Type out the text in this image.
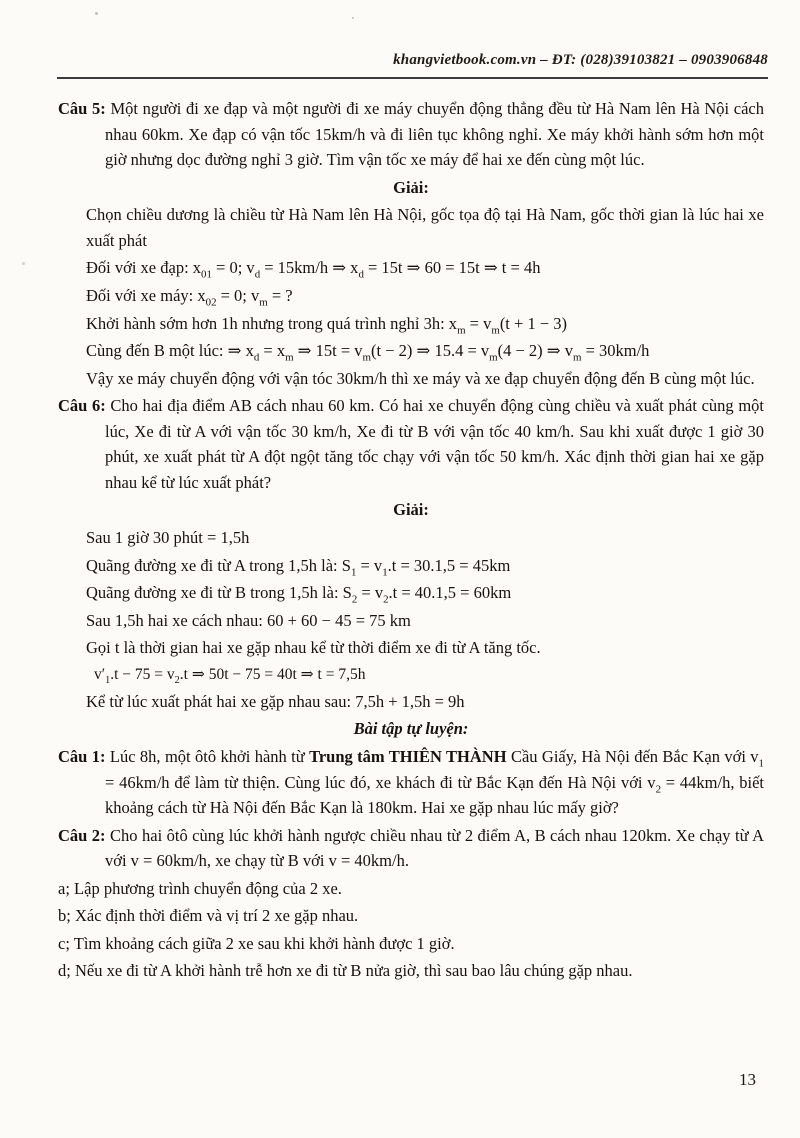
khangvietbook.com.vn – ĐT: (028)39103821 – 0903906848

Câu 5: Một người đi xe đạp và một người đi xe máy chuyển động thẳng đều từ Hà Nam lên Hà Nội cách nhau 60km. Xe đạp có vận tốc 15km/h và đi liên tục không nghỉ. Xe máy khởi hành sớm hơn một giờ nhưng dọc đường nghỉ 3 giờ. Tìm vận tốc xe máy để hai xe đến cùng một lúc.

Giải:

Chọn chiều dương là chiều từ Hà Nam lên Hà Nội, gốc tọa độ tại Hà Nam, gốc thời gian là lúc hai xe xuất phát

Đối với xe đạp: $x_{01} = 0$; $v_d = 15km/h$ ⇒ $x_d = 15t$ ⇒ 60 = 15t ⇒ t = 4h

Đối với xe máy: $x_{02} = 0$; $v_m$ = ?

Khởi hành sớm hơn 1h nhưng trong quá trình nghỉ 3h: $x_m = v_m(t + 1 - 3)$

Cùng đến B một lúc: ⇒ $x_d = x_m$ ⇒ $15t = v_m(t - 2)$ ⇒ $15.4 = v_m(4 - 2)$ ⇒ $v_m = 30km/h$

Vậy xe máy chuyển động với vận tóc 30km/h thì xe máy và xe đạp chuyển động đến B cùng một lúc.

Câu 6: Cho hai địa điểm AB cách nhau 60 km. Có hai xe chuyển động cùng chiều và xuất phát cùng một lúc, Xe đi từ A với vận tốc 30 km/h, Xe đi từ B với vận tốc 40 km/h. Sau khi xuất được 1 giờ 30 phút, xe xuất phát từ A đột ngột tăng tốc chạy với vận tốc 50 km/h. Xác định thời gian hai xe gặp nhau kể từ lúc xuất phát?

Giải:

Sau 1 giờ 30 phút = 1,5h

Quãng đường xe đi từ A trong 1,5h là: $S_1 = v_1.t = 30.1,5 = 45km$

Quãng đường xe đi từ B trong 1,5h là: $S_2 = v_2.t = 40.1,5 = 60km$

Sau 1,5h hai xe cách nhau: 60 + 60 − 45 = 75 km

Gọi t là thời gian hai xe gặp nhau kể từ thời điểm xe đi từ A tăng tốc.

$v'_1.t - 75 = v_2.t$ ⇒ 50t − 75 = 40t ⇒ t = 7,5h

Kể từ lúc xuất phát hai xe gặp nhau sau: 7,5h + 1,5h = 9h

Bài tập tự luyện:

Câu 1: Lúc 8h, một ôtô khởi hành từ Trung tâm THIÊN THÀNH Cầu Giấy, Hà Nội đến Bắc Kạn với $v_1 = 46km/h$ để làm từ thiện. Cùng lúc đó, xe khách đi từ Bắc Kạn đến Hà Nội với $v_2 = 44km/h$, biết khoảng cách từ Hà Nội đến Bắc Kạn là 180km. Hai xe gặp nhau lúc mấy giờ?

Câu 2: Cho hai ôtô cùng lúc khởi hành ngược chiều nhau từ 2 điểm A, B cách nhau 120km. Xe chạy từ A với v = 60km/h, xe chạy từ B với v = 40km/h.

a; Lập phương trình chuyển động của 2 xe.

b; Xác định thời điểm và vị trí 2 xe gặp nhau.

c; Tìm khoảng cách giữa 2 xe sau khi khởi hành được 1 giờ.

d; Nếu xe đi từ A khởi hành trễ hơn xe đi từ B nửa giờ, thì sau bao lâu chúng gặp nhau.

13
